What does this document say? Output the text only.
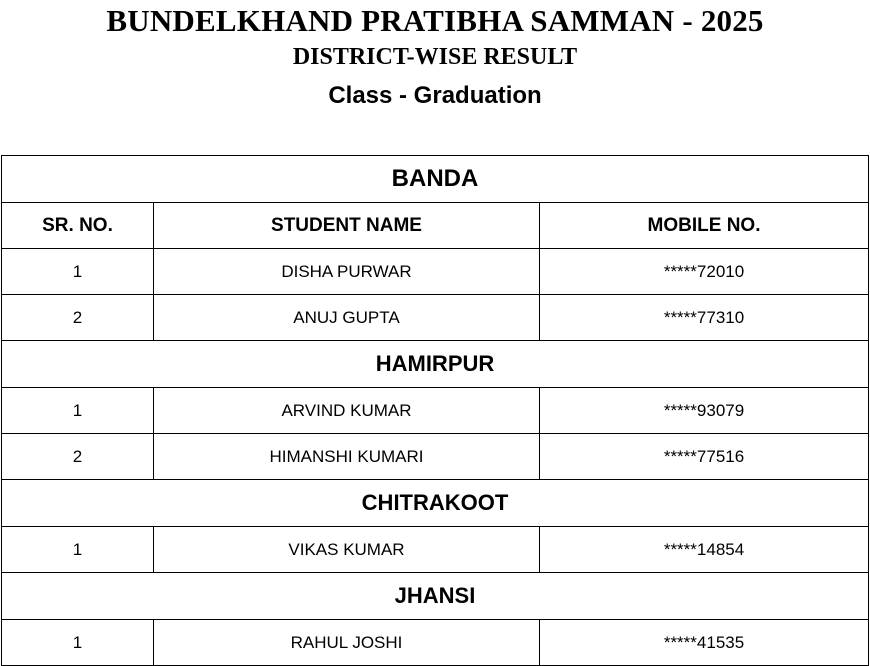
BUNDELKHAND PRATIBHA SAMMAN - 2025
DISTRICT-WISE RESULT
Class - Graduation
BANDA		
SR. NO.	STUDENT NAME	MOBILE NO.
1	DISHA PURWAR	*****72010
2	ANUJ GUPTA	*****77310
HAMIRPUR		
1	ARVIND KUMAR	*****93079
2	HIMANSHI KUMARI	*****77516
CHITRAKOOT		
1	VIKAS KUMAR	*****14854
JHANSI		
1	RAHUL JOSHI	*****41535
